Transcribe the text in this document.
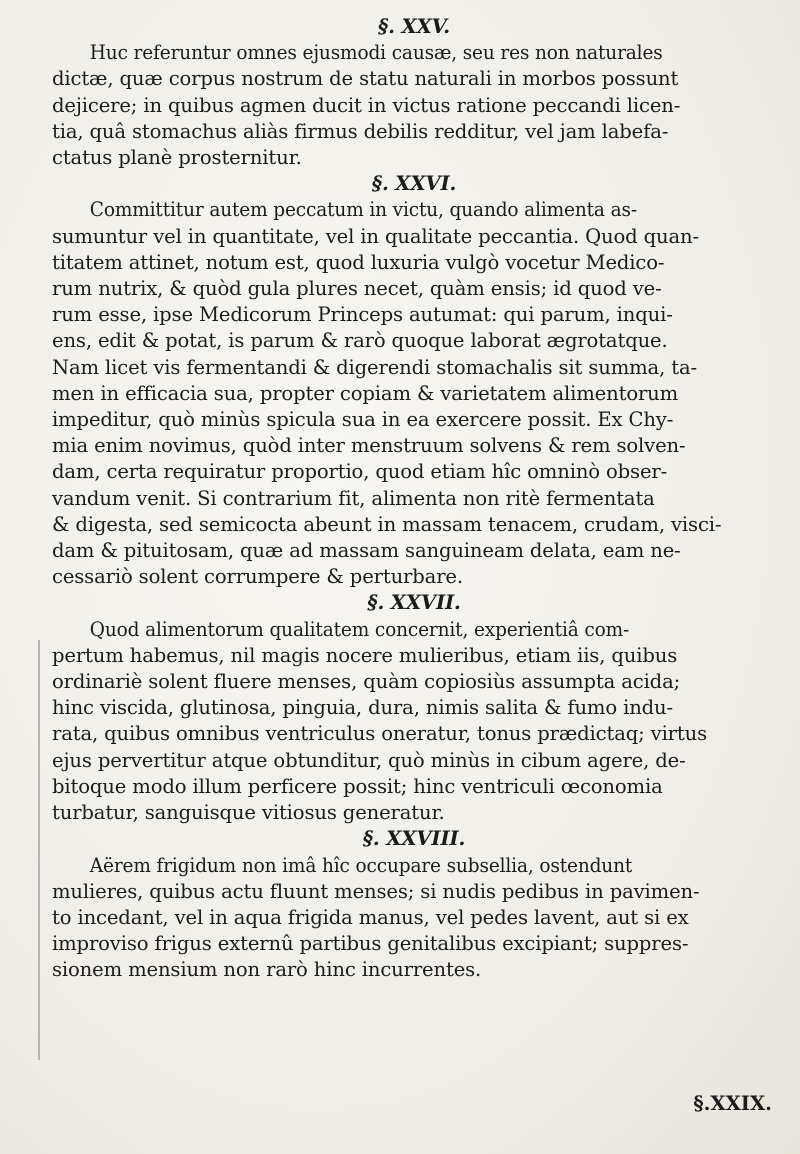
§. XXV.

Huc referuntur omnes ejusmodi causæ, seu res non naturales
dictæ, quæ corpus nostrum de statu naturali in morbos possunt
dejicere; in quibus agmen ducit in victus ratione peccandi licen-
tia, quâ stomachus aliàs firmus debilis redditur, vel jam labefa-
ctatus planè prosternitur.

§. XXVI.

Committitur autem peccatum in victu, quando alimenta as-
sumuntur vel in quantitate, vel in qualitate peccantia. Quod quan-
titatem attinet, notum est, quod luxuria vulgò vocetur Medico-
rum nutrix, & quòd gula plures necet, quàm ensis; id quod ve-
rum esse, ipse Medicorum Princeps autumat: qui parum, inqui-
ens, edit & potat, is parum & rarò quoque laborat ægrotatque.
Nam licet vis fermentandi & digerendi stomachalis sit summa, ta-
men in efficacia sua, propter copiam & varietatem alimentorum
impeditur, quò minùs spicula sua in ea exercere possit. Ex Chy-
mia enim novimus, quòd inter menstruum solvens & rem solven-
dam, certa requiratur proportio, quod etiam hîc omninò obser-
vandum venit. Si contrarium fit, alimenta non ritè fermentata
& digesta, sed semicocta abeunt in massam tenacem, crudam, visci-
dam & pituitosam, quæ ad massam sanguineam delata, eam ne-
cessariò solent corrumpere & perturbare.

§. XXVII.

Quod alimentorum qualitatem concernit, experientiâ com-
pertum habemus, nil magis nocere mulieribus, etiam iis, quibus
ordinariè solent fluere menses, quàm copiosiùs assumpta acida;
hinc viscida, glutinosa, pinguia, dura, nimis salita & fumo indu-
rata, quibus omnibus ventriculus oneratur, tonus prædictaq; virtus
ejus pervertitur atque obtunditur, quò minùs in cibum agere, de-
bitoque modo illum perficere possit; hinc ventriculi œconomia
turbatur, sanguisque vitiosus generatur.

§. XXVIII.

Aërem frigidum non imâ hîc occupare subsellia, ostendunt
mulieres, quibus actu fluunt menses; si nudis pedibus in pavimen-
to incedant, vel in aqua frigida manus, vel pedes lavent, aut si ex
improviso frigus externû partibus genitalibus excipiant; suppres-
sionem mensium non rarò hinc incurrentes.
§.XXIX.
